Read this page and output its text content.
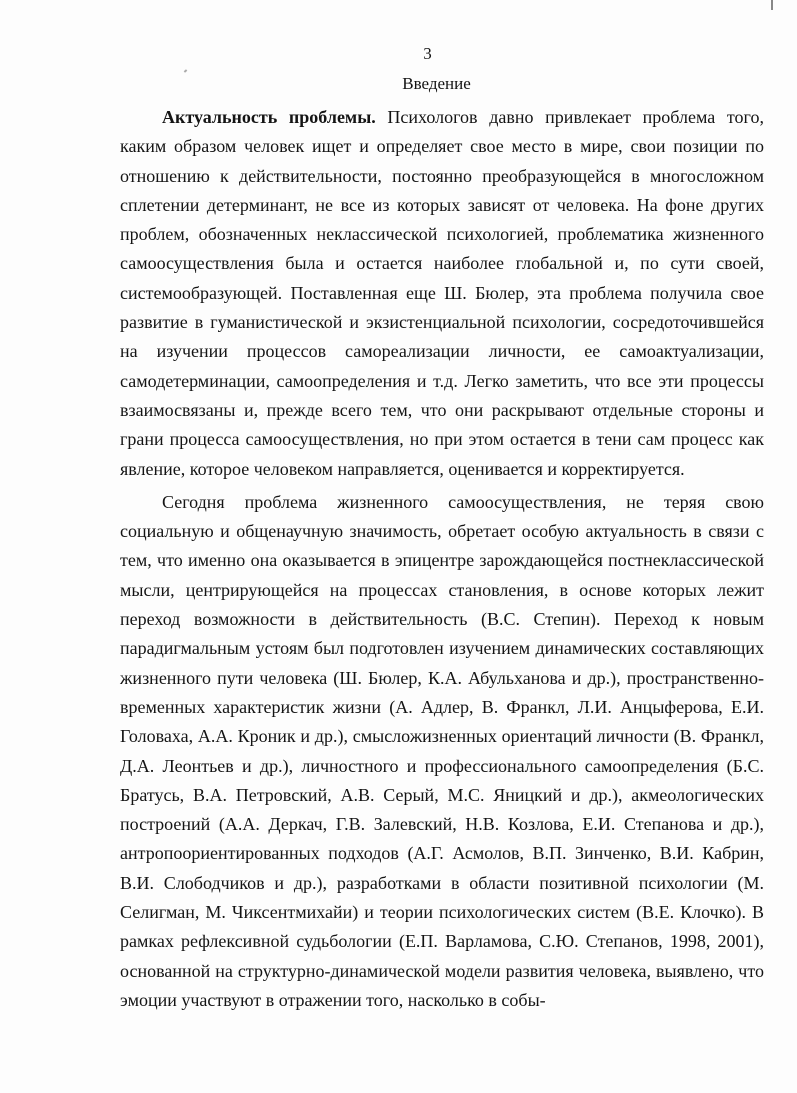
3
Введение

Актуальность проблемы. Психологов давно привлекает проблема того, каким образом человек ищет и определяет свое место в мире, свои позиции по отношению к действительности, постоянно преобразующейся в многосложном сплетении детерминант, не все из которых зависят от человека. На фоне других проблем, обозначенных неклассической психологией, проблематика жизненного самоосуществления была и остается наиболее глобальной и, по сути своей, системообразующей. Поставленная еще Ш. Бюлер, эта проблема получила свое развитие в гуманистической и экзистенциальной психологии, сосредоточившейся на изучении процессов самореализации личности, ее самоактуализации, самодетерминации, самоопределения и т.д. Легко заметить, что все эти процессы взаимосвязаны и, прежде всего тем, что они раскрывают отдельные стороны и грани процесса самоосуществления, но при этом остается в тени сам процесс как явление, которое человеком направляется, оценивается и корректируется.

Сегодня проблема жизненного самоосуществления, не теряя свою социальную и общенаучную значимость, обретает особую актуальность в связи с тем, что именно она оказывается в эпицентре зарождающейся постнеклассической мысли, центрирующейся на процессах становления, в основе которых лежит переход возможности в действительность (В.С. Степин). Переход к новым парадигмальным устоям был подготовлен изучением динамических составляющих жизненного пути человека (Ш. Бюлер, К.А. Абульханова и др.), пространственно-временных характеристик жизни (А. Адлер, В. Франкл, Л.И. Анцыферова, Е.И. Головаха, А.А. Кроник и др.), смысложизненных ориентаций личности (В. Франкл, Д.А. Леонтьев и др.), личностного и профессионального самоопределения (Б.С. Братусь, В.А. Петровский, А.В. Серый, М.С. Яницкий и др.), акмеологических построений (А.А. Деркач, Г.В. Залевский, Н.В. Козлова, Е.И. Степанова и др.), антропоориентированных подходов (А.Г. Асмолов, В.П. Зинченко, В.И. Кабрин, В.И. Слободчиков и др.), разработками в области позитивной психологии (М. Селигман, М. Чиксентмихайи) и теории психологических систем (В.Е. Клочко). В рамках рефлексивной судьбологии (Е.П. Варламова, С.Ю. Степанов, 1998, 2001), основанной на структурно-динамической модели развития человека, выявлено, что эмоции участвуют в отражении того, насколько в собы-
